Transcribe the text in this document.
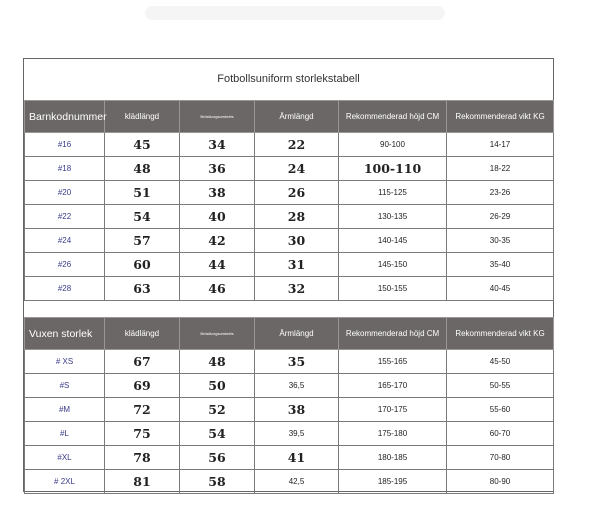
Fotbollsuniform storlekstabell
Barnkodnummer	klädlängd	Bröstkorgsomkrets	Ärmlängd	Rekommenderad höjd CM	Rekommenderad vikt KG
#16	45	34	22	90-100	14-17
#18	48	36	24	100-110	18-22
#20	51	38	26	115-125	23-26
#22	54	40	28	130-135	26-29
#24	57	42	30	140-145	30-35
#26	60	44	31	145-150	35-40
#28	63	46	32	150-155	40-45
Vuxen storlek	klädlängd	Bröstkorgsomkrets	Ärmlängd	Rekommenderad höjd CM	Rekommenderad vikt KG
# XS	67	48	35	155-165	45-50
#S	69	50	36,5	165-170	50-55
#M	72	52	38	170-175	55-60
#L	75	54	39,5	175-180	60-70
#XL	78	56	41	180-185	70-80
# 2XL	81	58	42,5	185-195	80-90
